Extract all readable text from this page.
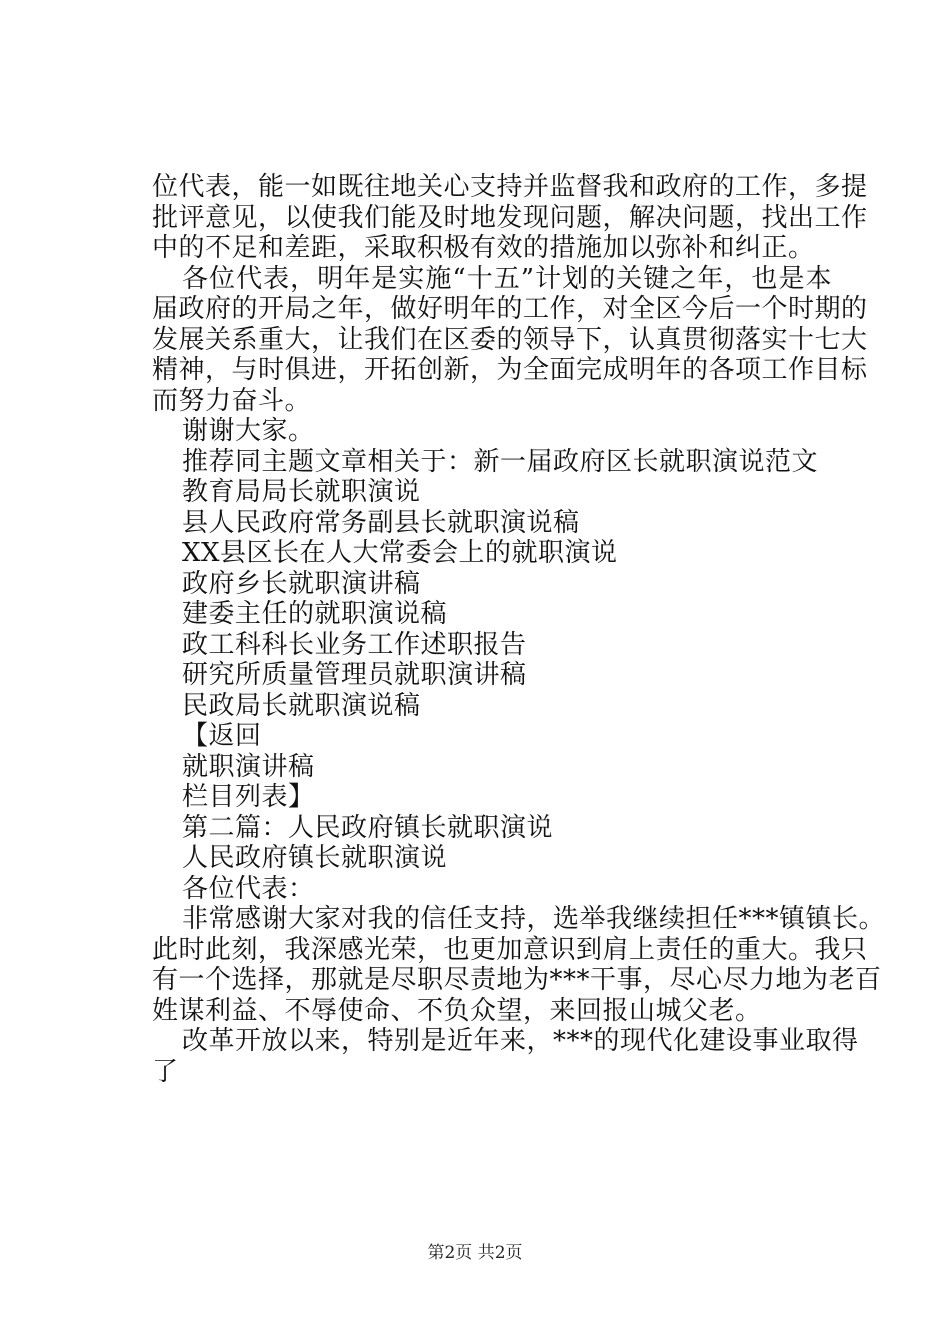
位代表，能一如既往地关心支持并监督我和政府的工作，多提
批评意见，以使我们能及时地发现问题，解决问题，找出工作
中的不足和差距，采取积极有效的措施加以弥补和纠正。
各位代表，明年是实施“十五”计划的关键之年，也是本
届政府的开局之年，做好明年的工作，对全区今后一个时期的
发展关系重大，让我们在区委的领导下，认真贯彻落实十七大
精神，与时俱进，开拓创新，为全面完成明年的各项工作目标
而努力奋斗。
谢谢大家。
推荐同主题文章相关于：新一届政府区长就职演说范文
教育局局长就职演说
县人民政府常务副县长就职演说稿
XX县区长在人大常委会上的就职演说
政府乡长就职演讲稿
建委主任的就职演说稿
政工科科长业务工作述职报告
研究所质量管理员就职演讲稿
民政局长就职演说稿
【返回
就职演讲稿
栏目列表】
第二篇：人民政府镇长就职演说
人民政府镇长就职演说
各位代表：
非常感谢大家对我的信任支持，选举我继续担任***镇镇长。
此时此刻，我深感光荣，也更加意识到肩上责任的重大。我只
有一个选择，那就是尽职尽责地为***干事，尽心尽力地为老百
姓谋利益、不辱使命、不负众望，来回报山城父老。
改革开放以来，特别是近年来，***的现代化建设事业取得
了
第2页 共2页
